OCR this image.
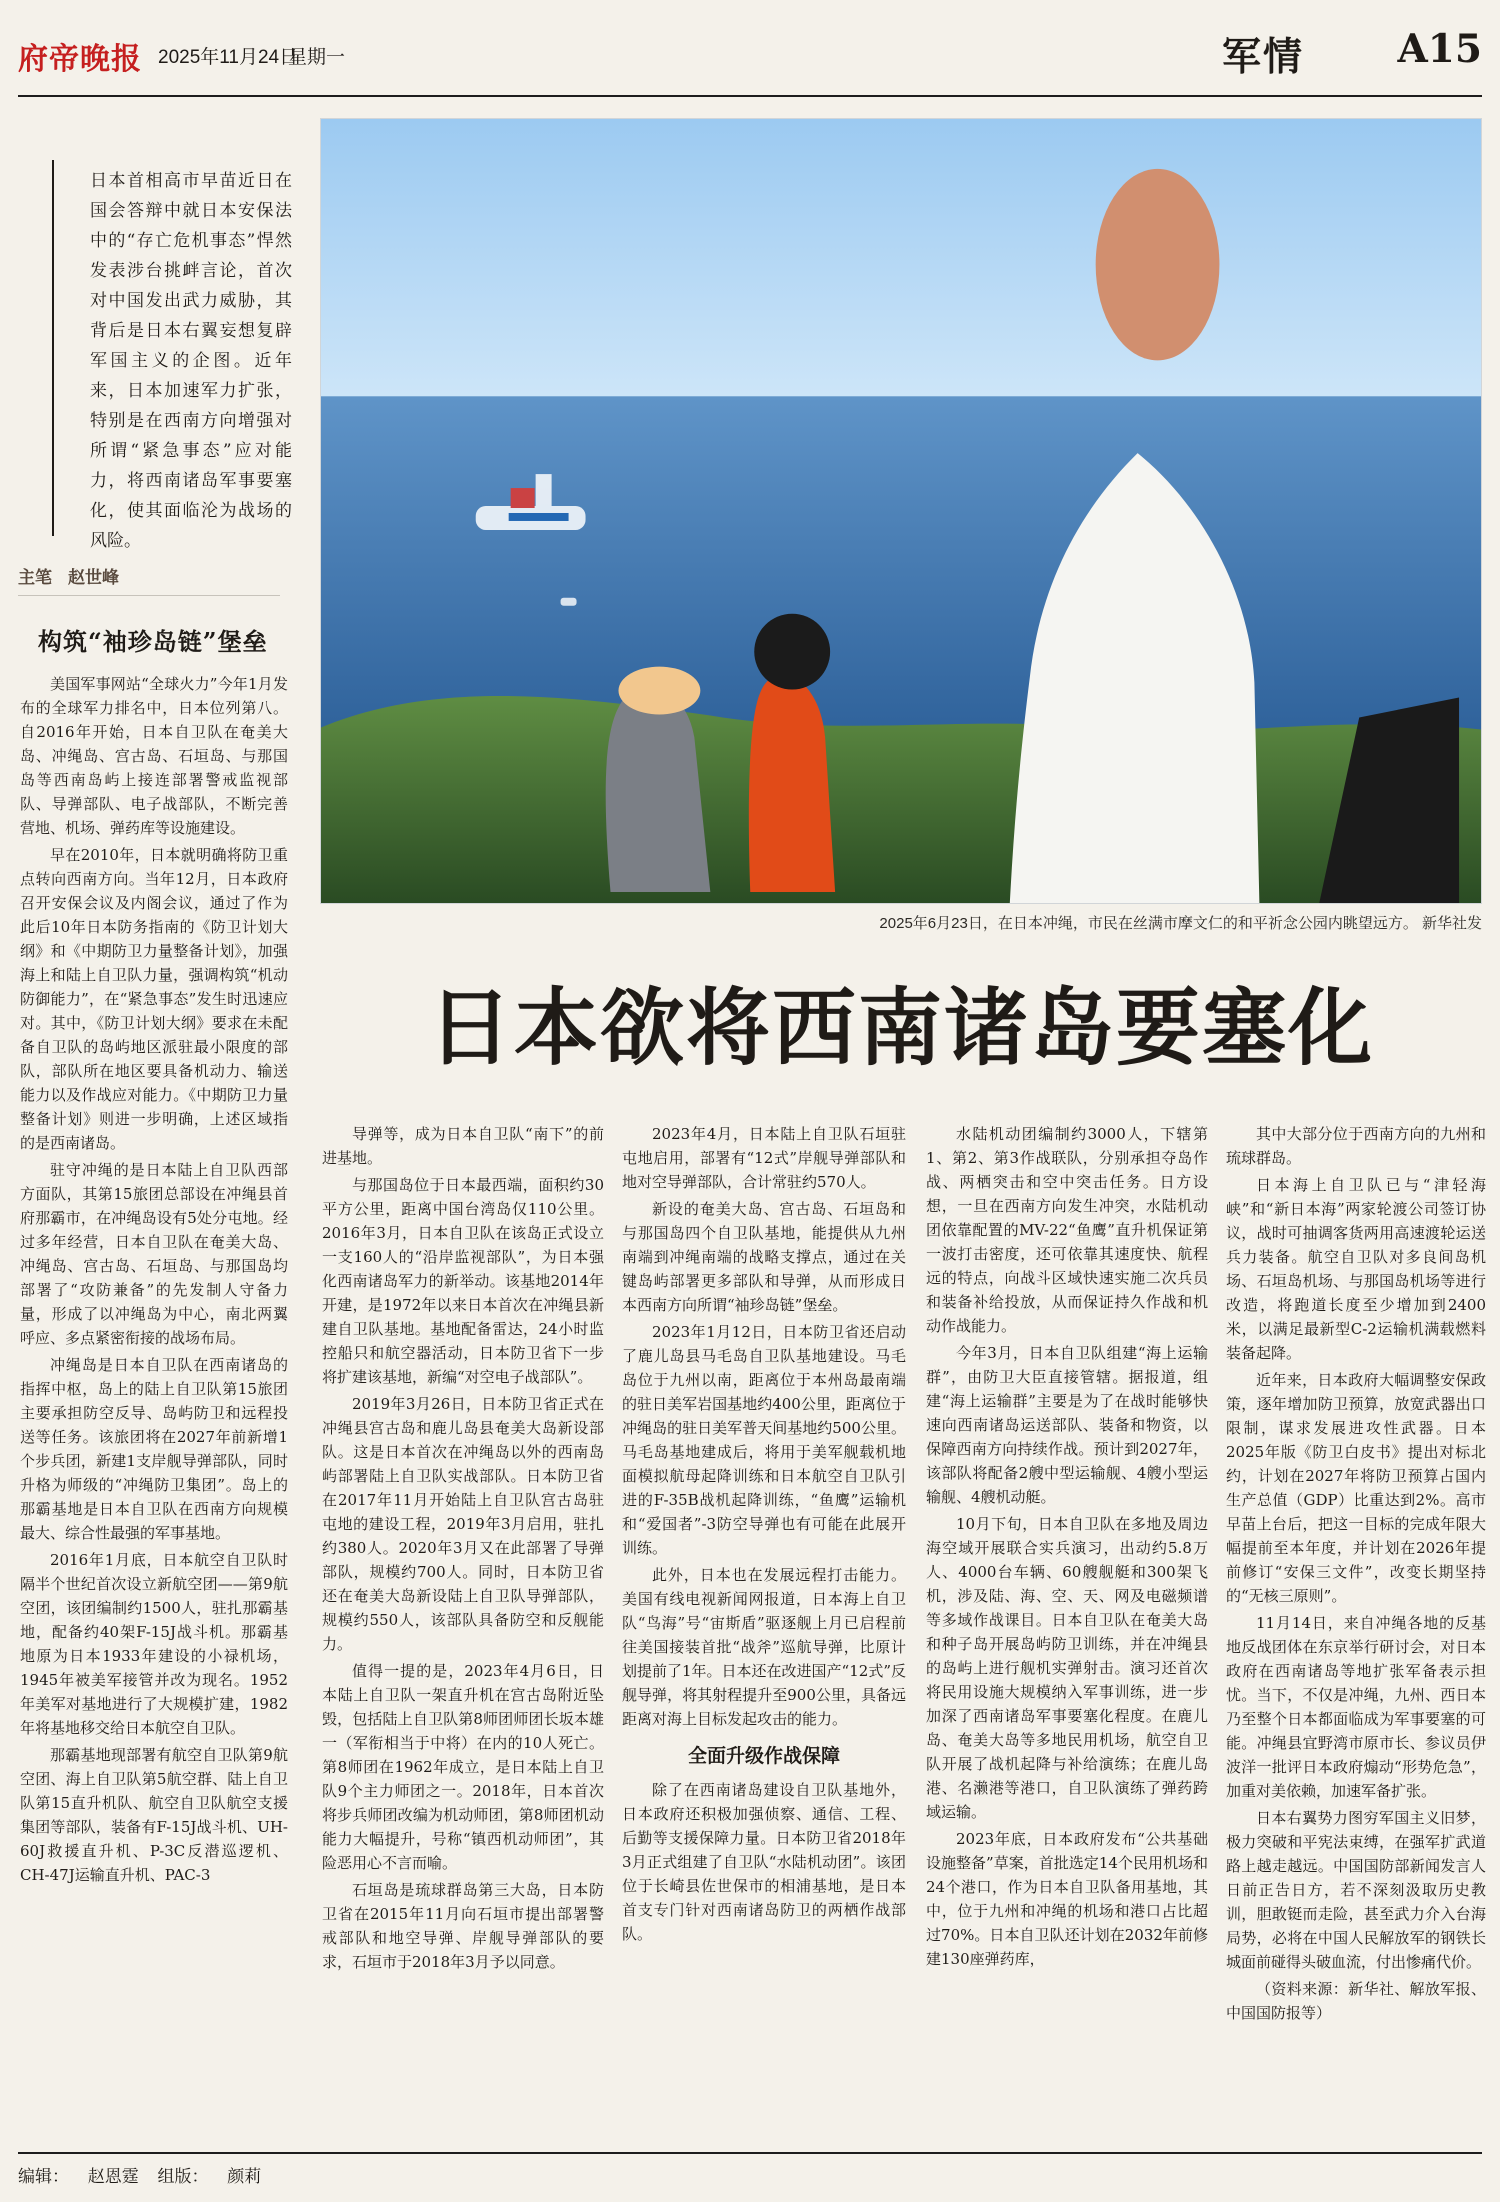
府帝晚报 2025年11月24日
星期一	军情 A15
日本首相高市早苗近日在国会答辩中就日本安保法中的“存亡危机事态”悍然发表涉台挑衅言论，首次对中国发出武力威胁，其背后是日本右翼妄想复辟军国主义的企图。近年来，日本加速军力扩张，特别是在西南方向增强对所谓“紧急事态”应对能力，将西南诸岛军事要塞化，使其面临沦为战场的风险。
主笔 赵世峰
构筑“袖珍岛链”堡垒
2025年6月23日，在日本冲绳，市民在丝满市摩文仁的和平祈念公园内眺望远方。 新华社发
日本欲将西南诸岛要塞化

美国军事网站“全球火力”今年1月发布的全球军力排名中，日本位列第八。自2016年开始，日本自卫队在奄美大岛、冲绳岛、宫古岛、石垣岛、与那国岛等西南岛屿上接连部署警戒监视部队、导弹部队、电子战部队，不断完善营地、机场、弹药库等设施建设。

早在2010年，日本就明确将防卫重点转向西南方向。当年12月，日本政府召开安保会议及内阁会议，通过了作为此后10年日本防务指南的《防卫计划大纲》和《中期防卫力量整备计划》，加强海上和陆上自卫队力量，强调构筑“机动防御能力”，在“紧急事态”发生时迅速应对。其中，《防卫计划大纲》要求在未配备自卫队的岛屿地区派驻最小限度的部队，部队所在地区要具备机动力、输送能力以及作战应对能力。《中期防卫力量整备计划》则进一步明确，上述区域指的是西南诸岛。

驻守冲绳的是日本陆上自卫队西部方面队，其第15旅团总部设在冲绳县首府那霸市，在冲绳岛设有5处分屯地。经过多年经营，日本自卫队在奄美大岛、冲绳岛、宫古岛、石垣岛、与那国岛均部署了“攻防兼备”的先发制人守备力量，形成了以冲绳岛为中心，南北两翼呼应、多点紧密衔接的战场布局。

冲绳岛是日本自卫队在西南诸岛的指挥中枢，岛上的陆上自卫队第15旅团主要承担防空反导、岛屿防卫和远程投送等任务。该旅团将在2027年前新增1个步兵团，新建1支岸舰导弹部队，同时升格为师级的“冲绳防卫集团”。岛上的那霸基地是日本自卫队在西南方向规模最大、综合性最强的军事基地。

2016年1月底，日本航空自卫队时隔半个世纪首次设立新航空团——第9航空团，该团编制约1500人，驻扎那霸基地，配备约40架F-15J战斗机。那霸基地原为日本1933年建设的小禄机场，1945年被美军接管并改为现名。1952年美军对基地进行了大规模扩建，1982年将基地移交给日本航空自卫队。

那霸基地现部署有航空自卫队第9航空团、海上自卫队第5航空群、陆上自卫队第15直升机队、航空自卫队航空支援集团等部队，装备有F-15J战斗机、UH-60J救援直升机、P-3C反潜巡逻机、CH-47J运输直升机、PAC-3

导弹等，成为日本自卫队“南下”的前进基地。

与那国岛位于日本最西端，面积约30平方公里，距离中国台湾岛仅110公里。2016年3月，日本自卫队在该岛正式设立一支160人的“沿岸监视部队”，为日本强化西南诸岛军力的新举动。该基地2014年开建，是1972年以来日本首次在冲绳县新建自卫队基地。基地配备雷达，24小时监控船只和航空器活动，日本防卫省下一步将扩建该基地，新编“对空电子战部队”。

2019年3月26日，日本防卫省正式在冲绳县宫古岛和鹿儿岛县奄美大岛新设部队。这是日本首次在冲绳岛以外的西南岛屿部署陆上自卫队实战部队。日本防卫省在2017年11月开始陆上自卫队宫古岛驻屯地的建设工程，2019年3月启用，驻扎约380人。2020年3月又在此部署了导弹部队，规模约700人。同时，日本防卫省还在奄美大岛新设陆上自卫队导弹部队，规模约550人，该部队具备防空和反舰能力。

值得一提的是，2023年4月6日，日本陆上自卫队一架直升机在宫古岛附近坠毁，包括陆上自卫队第8师团师团长坂本雄一（军衔相当于中将）在内的10人死亡。第8师团在1962年成立，是日本陆上自卫队9个主力师团之一。2018年，日本首次将步兵师团改编为机动师团，第8师团机动能力大幅提升，号称“镇西机动师团”，其险恶用心不言而喻。

石垣岛是琉球群岛第三大岛，日本防卫省在2015年11月向石垣市提出部署警戒部队和地空导弹、岸舰导弹部队的要求，石垣市于2018年3月予以同意。

2023年4月，日本陆上自卫队石垣驻屯地启用，部署有“12式”岸舰导弹部队和地对空导弹部队，合计常驻约570人。

新设的奄美大岛、宫古岛、石垣岛和与那国岛四个自卫队基地，能提供从九州南端到冲绳南端的战略支撑点，通过在关键岛屿部署更多部队和导弹，从而形成日本西南方向所谓“袖珍岛链”堡垒。

2023年1月12日，日本防卫省还启动了鹿儿岛县马毛岛自卫队基地建设。马毛岛位于九州以南，距离位于本州岛最南端的驻日美军岩国基地约400公里，距离位于冲绳岛的驻日美军普天间基地约500公里。马毛岛基地建成后，将用于美军舰载机地面模拟航母起降训练和日本航空自卫队引进的F-35B战机起降训练，“鱼鹰”运输机和“爱国者”-3防空导弹也有可能在此展开训练。

此外，日本也在发展远程打击能力。美国有线电视新闻网报道，日本海上自卫队“鸟海”号“宙斯盾”驱逐舰上月已启程前往美国接装首批“战斧”巡航导弹，比原计划提前了1年。日本还在改进国产“12式”反舰导弹，将其射程提升至900公里，具备远距离对海上目标发起攻击的能力。

全面升级作战保障

除了在西南诸岛建设自卫队基地外，日本政府还积极加强侦察、通信、工程、后勤等支援保障力量。日本防卫省2018年3月正式组建了自卫队“水陆机动团”。该团位于长崎县佐世保市的相浦基地，是日本首支专门针对西南诸岛防卫的两栖作战部队。

水陆机动团编制约3000人，下辖第1、第2、第3作战联队，分别承担夺岛作战、两栖突击和空中突击任务。日方设想，一旦在西南方向发生冲突，水陆机动团依靠配置的MV-22“鱼鹰”直升机保证第一波打击密度，还可依靠其速度快、航程远的特点，向战斗区域快速实施二次兵员和装备补给投放，从而保证持久作战和机动作战能力。

今年3月，日本自卫队组建“海上运输群”，由防卫大臣直接管辖。据报道，组建“海上运输群”主要是为了在战时能够快速向西南诸岛运送部队、装备和物资，以保障西南方向持续作战。预计到2027年，该部队将配备2艘中型运输舰、4艘小型运输舰、4艘机动艇。

10月下旬，日本自卫队在多地及周边海空域开展联合实兵演习，出动约5.8万人、4000台车辆、60艘舰艇和300架飞机，涉及陆、海、空、天、网及电磁频谱等多域作战课目。日本自卫队在奄美大岛和种子岛开展岛屿防卫训练，并在冲绳县的岛屿上进行舰机实弹射击。演习还首次将民用设施大规模纳入军事训练，进一步加深了西南诸岛军事要塞化程度。在鹿儿岛、奄美大岛等多地民用机场，航空自卫队开展了战机起降与补给演练；在鹿儿岛港、名濑港等港口，自卫队演练了弹药跨域运输。

2023年底，日本政府发布“公共基础设施整备”草案，首批选定14个民用机场和24个港口，作为日本自卫队备用基地，其中，位于九州和冲绳的机场和港口占比超过70%。日本自卫队还计划在2032年前修建130座弹药库，

其中大部分位于西南方向的九州和琉球群岛。

日本海上自卫队已与“津轻海峡”和“新日本海”两家轮渡公司签订协议，战时可抽调客货两用高速渡轮运送兵力装备。航空自卫队对多良间岛机场、石垣岛机场、与那国岛机场等进行改造，将跑道长度至少增加到2400米，以满足最新型C-2运输机满载燃料装备起降。

近年来，日本政府大幅调整安保政策，逐年增加防卫预算，放宽武器出口限制，谋求发展进攻性武器。日本2025年版《防卫白皮书》提出对标北约，计划在2027年将防卫预算占国内生产总值（GDP）比重达到2%。高市早苗上台后，把这一目标的完成年限大幅提前至本年度，并计划在2026年提前修订“安保三文件”，改变长期坚持的“无核三原则”。

11月14日，来自冲绳各地的反基地反战团体在东京举行研讨会，对日本政府在西南诸岛等地扩张军备表示担忧。当下，不仅是冲绳，九州、西日本乃至整个日本都面临成为军事要塞的可能。冲绳县宜野湾市原市长、参议员伊波洋一批评日本政府煽动“形势危急”，加重对美依赖，加速军备扩张。

日本右翼势力图穷军国主义旧梦，极力突破和平宪法束缚，在强军扩武道路上越走越远。中国国防部新闻发言人日前正告日方，若不深刻汲取历史教训，胆敢铤而走险，甚至武力介入台海局势，必将在中国人民解放军的钢铁长城面前碰得头破血流，付出惨痛代价。

（资料来源：新华社、解放军报、中国国防报等）

编辑： 赵恩霆 组版： 颜莉
